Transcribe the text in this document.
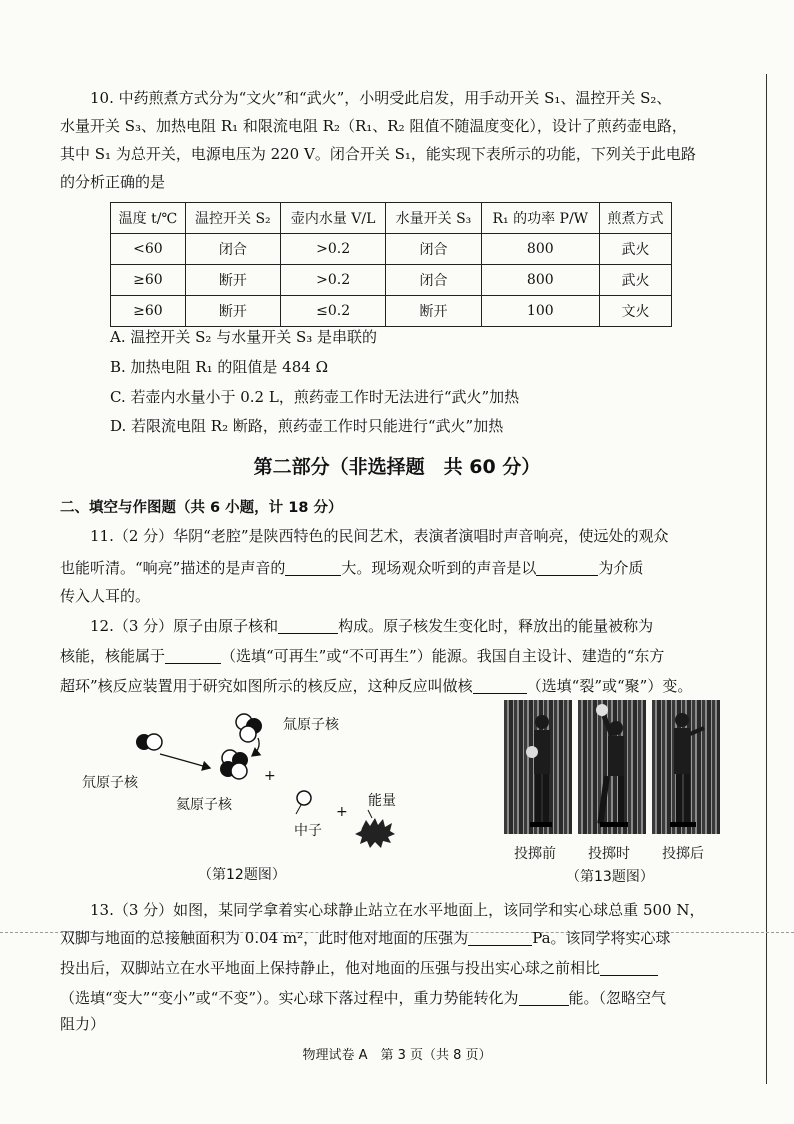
10. 中药煎煮方式分为“文火”和“武火”，小明受此启发，用手动开关 S₁、温控开关 S₂、
水量开关 S₃、加热电阻 R₁ 和限流电阻 R₂（R₁、R₂ 阻值不随温度变化），设计了煎药壶电路，
其中 S₁ 为总开关，电源电压为 220 V。闭合开关 S₁，能实现下表所示的功能，下列关于此电路
的分析正确的是
温度 t/℃	温控开关 S₂	壶内水量 V/L	水量开关 S₃	R₁ 的功率 P/W	煎煮方式
<60	闭合	>0.2	闭合	800	武火
≥60	断开	>0.2	闭合	800	武火
≥60	断开	≤0.2	断开	100	文火
A. 温控开关 S₂ 与水量开关 S₃ 是串联的
B. 加热电阻 R₁ 的阻值是 484 Ω
C. 若壶内水量小于 0.2 L，煎药壶工作时无法进行“武火”加热
D. 若限流电阻 R₂ 断路，煎药壶工作时只能进行“武火”加热
第二部分（非选择题　共 60 分）
二、填空与作图题（共 6 小题，计 18 分）
11.（2 分）华阴“老腔”是陕西特色的民间艺术，表演者演唱时声音响亮，使远处的观众
也能听清。“响亮”描述的是声音的	大。现场观众听到的声音是以	为介质
传入人耳的。
12.（3 分）原子由原子核和	构成。原子核发生变化时，释放出的能量被称为
核能，核能属于	（选填“可再生”或“不可再生”）能源。我国自主设计、建造的“东方
超环”核反应装置用于研究如图所示的核反应，这种反应叫做核	（选填“裂”或“聚”）变。
氚原子核
氘原子核
氦原子核
中子
能量
+
+
（第12题图）
投掷前 投掷时 投掷后
（第13题图）
13.（3 分）如图，某同学拿着实心球静止站立在水平地面上，该同学和实心球总重 500 N，
双脚与地面的总接触面积为 0.04 m²，此时他对地面的压强为	Pa。该同学将实心球
投出后，双脚站立在水平地面上保持静止，他对地面的压强与投出实心球之前相比
（选填“变大”“变小”或“不变”）。实心球下落过程中，重力势能转化为	能。（忽略空气
阻力）
物理试卷 A　第 3 页（共 8 页）
